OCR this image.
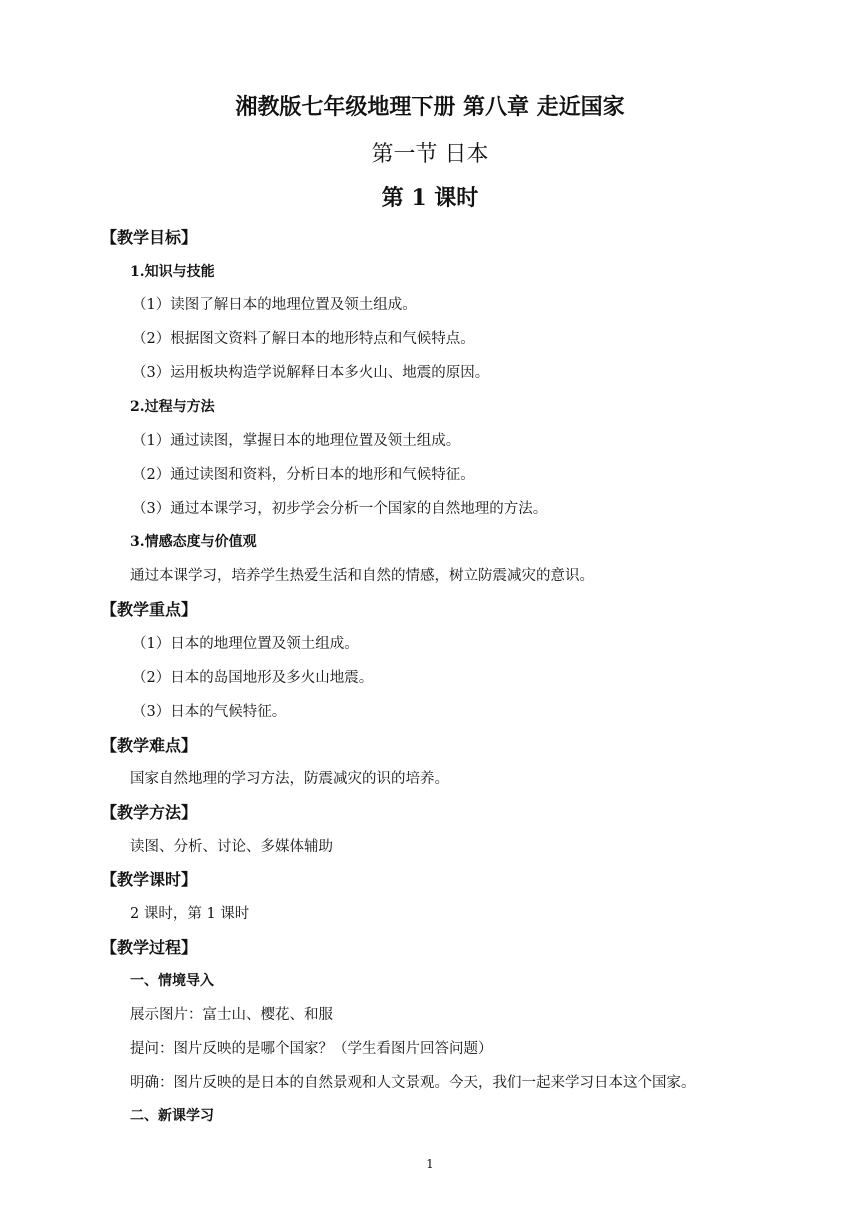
湘教版七年级地理下册 第八章 走近国家
第一节 日本
第 1 课时
【教学目标】
1.知识与技能
（1）读图了解日本的地理位置及领土组成。
（2）根据图文资料了解日本的地形特点和气候特点。
（3）运用板块构造学说解释日本多火山、地震的原因。
2.过程与方法
（1）通过读图，掌握日本的地理位置及领土组成。
（2）通过读图和资料，分析日本的地形和气候特征。
（3）通过本课学习，初步学会分析一个国家的自然地理的方法。
3.情感态度与价值观
通过本课学习，培养学生热爱生活和自然的情感，树立防震减灾的意识。
【教学重点】
（1）日本的地理位置及领土组成。
（2）日本的岛国地形及多火山地震。
（3）日本的气候特征。
【教学难点】
国家自然地理的学习方法，防震减灾的识的培养。
【教学方法】
读图、分析、讨论、多媒体辅助
【教学课时】
2 课时，第 1 课时
【教学过程】
一、情境导入
展示图片：富士山、樱花、和服
提问：图片反映的是哪个国家？（学生看图片回答问题）
明确：图片反映的是日本的自然景观和人文景观。今天，我们一起来学习日本这个国家。
二、新课学习
1
